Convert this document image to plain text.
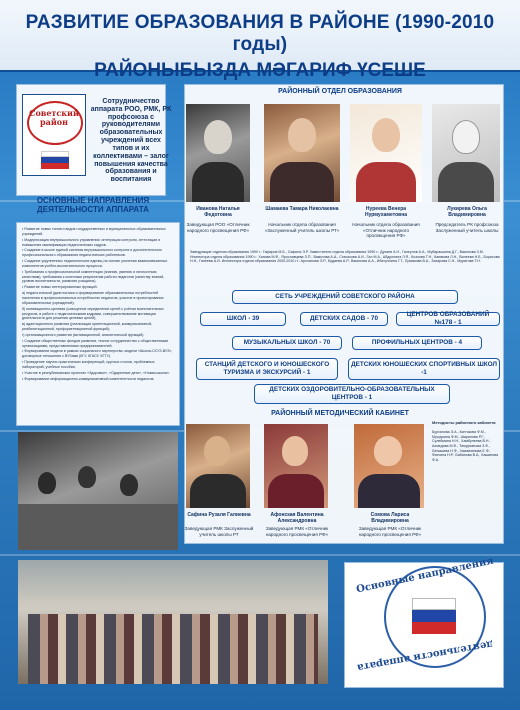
РАЗВИТИЕ ОБРАЗОВАНИЯ В РАЙОНЕ (1990-2010 годы)
РАЙОНЫБЫЗДА МӘГАРИФ ҮСЕШЕ
Советский район
Сотрудничество аппарата РОО, РМК, РК профсоюза с руководителями образовательных учреждений всех типов и их коллективами – залог повышения качества образования и воспитания
ОСНОВНЫЕ НАПРАВЛЕНИЯ ДЕЯТЕЛЬНОСТИ АППАРАТА

• Развитие новых типов и видов государственных и муниципальных образовательных учреждений.

• Модернизация внутришкольного управления: интеграция контроля, аттестации и повышения квалификации педагогических кадров.

• Создание в школе единой системы внутришкольного контроля и дополнительного профессионального образования педагогических работников.

• Создание укрупненных педагогических единиц на основе усиления взаимосвязанных компонентов учебно-воспитательного процесса.

• Требования к профессиональной компетенции (знанию, умению и личностным качествам), требования к конечным результатам работы педагогов (качеству знаний, уровню воспитанности, развития учащихся).

• Развитие новых интегрированных функций:

а) педагогической (диагностика и формирование образовательных потребностей населения в профессиональных потребностях педагогов, участие в проектировании образовательных учреждений);

б) мотивационно-целевая (совокупное определение целей с учётом воспитательных ресурсов, в работе с педагогическими кадрами, совершенствование мотивации деятельности для решения целевых целей);

в) адаптационного развития (реализация ориентационной, коммуникативной, реабилитационной, профориентационной функций);

г) организационного развития (мотивационной, аналитической функций).

• Создание общественных фондов развития, тесное сотрудничество с общественными организациями, представителями предпринимателей.

• Формирование модели в рамках социального партнерства, модели «Школа-ССУЗ-ВУЗ», договорные отношения с ВУЗами (КГУ, КГАСУ, КГТУ).

• Проведение научно-практических конференций, круглых столов, проблемных лабораторий, учебные пособия.

• Участие в республиканских проектах «Здоровье», «Одаренные дети», «Новая школа».

• Формирование информационно-коммуникативной компетентности педагогов.

РАЙОННЫЙ ОТДЕЛ ОБРАЗОВАНИЯ
Иванова Наталья Федотовна
Заведующая РОО «Отличник народного просвещения РФ»
Шамаева Тамара Николаевна
Начальник отдела образования «Заслуженный учитель школы РТ»
Нуреева Венера Нурмухаметовна
Начальник отдела образования «Отличник народного просвещения РФ»
Лукирева Ольга Владимировна
Председатель РК профсоюза Заслуженный учитель школы
Заведующие отделом образования 1990 г.: Гафаров М.Б., Сафина Э.Р. Заместители отдела образования 1990 г.: Духаев А.Н., Галеулов А.А., Мубаракшина Д.Г., Вакилова З.М. Инспектора отдела образования 1990 г.: Хапова М.Ф., Ярославцева Л.П., Вакилова А.А., Стасикова А.И., Гал М.А., Абдуллина Л.Я., Козлова Т.Н., Каюмова Л.Н., Валеева Н.Б., Борисова Н.Н., Ганеева А.И. Инспектора отдела образования 2000-2010 гг.: Арсланова Э.Р., Будаева А.Р., Вакилова А.А., Ибатуллина Г.Т., Ермакова В.А., Захарова С.Н., Муратова Т.Н.
СЕТЬ УЧРЕЖДЕНИЙ СОВЕТСКОГО РАЙОНА
ШКОЛ - 39	ДЕТСКИХ САДОВ - 70
ЦЕНТРОВ ОБРАЗОВАНИЙ №178 - 1
МУЗЫКАЛЬНЫХ ШКОЛ - 70	ПРОФИЛЬНЫХ ЦЕНТРОВ - 4
СТАНЦИЙ ДЕТСКОГО И ЮНОШЕСКОГО ТУРИЗМА И ЭКСКУРСИЙ - 1
ДЕТСКИХ ЮНОШЕСКИХ СПОРТИВНЫХ ШКОЛ -1
ДЕТСКИХ ОЗДОРОВИТЕЛЬНО-ОБРАЗОВАТЕЛЬНЫХ ЦЕНТРОВ - 1
РАЙОННЫЙ МЕТОДИЧЕСКИЙ КАБИНЕТ
Сафина Рузаля Галиевна
Заведующая РМК Заслуженный учитель школы РТ
Афонская Валентина Александровна
Заведующая РМК «Отличник народного просвещения РФ»
Сомова Лариса Владимировна
Заведующая РМК «Отличник народного просвещения РФ»
Методисты районного кабинета
Бурханова Э.А., Кигтякова Ф.М., Мусрукина Ф.М., Шарипова Р.Г., Сулеймана Н.Н., Хамбулеева В.Н., Ахмедова М.Ф., Тимурханова З.Ф., Латышева Н.Ф., Хакимзянова Е.Ф., Фатхина Н.Р., Бабанова В.А., Кашапова Ф.А.
Основные направления
деятельности аппарата
